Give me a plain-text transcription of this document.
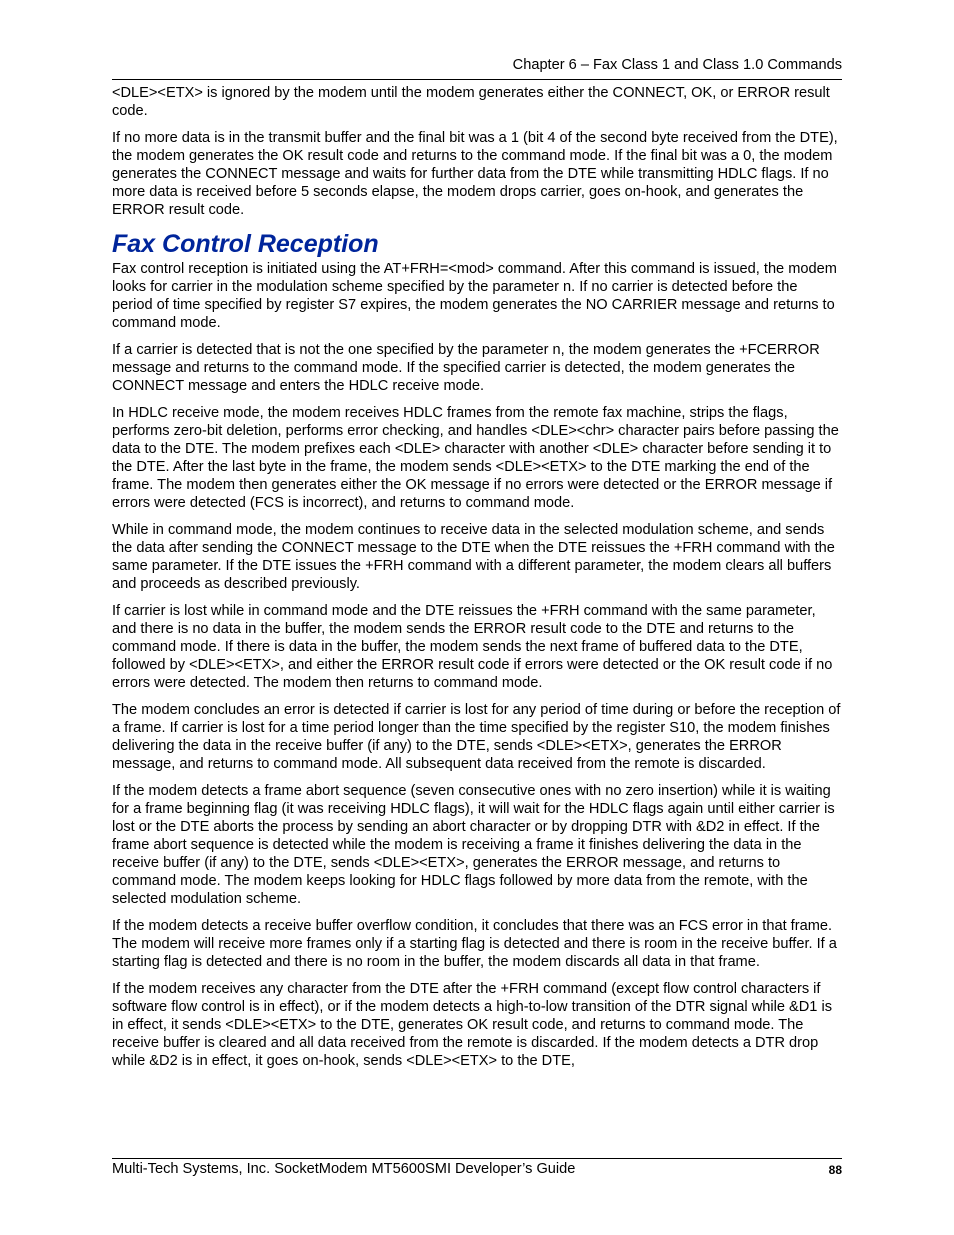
Chapter 6 – Fax Class 1 and Class 1.0 Commands

<DLE><ETX> is ignored by the modem until the modem generates either the CONNECT, OK, or ERROR result code.

If no more data is in the transmit buffer and the final bit was a 1 (bit 4 of the second byte received from the DTE), the modem generates the OK result code and returns to the command mode. If the final bit was a 0, the modem generates the CONNECT message and waits for further data from the DTE while transmitting HDLC flags. If no more data is received before 5 seconds elapse, the modem drops carrier, goes on-hook, and generates the ERROR result code.

Fax Control Reception

Fax control reception is initiated using the AT+FRH=<mod> command. After this command is issued, the modem looks for carrier in the modulation scheme specified by the parameter n. If no carrier is detected before the period of time specified by register S7 expires, the modem generates the NO CARRIER message and returns to command mode.

If a carrier is detected that is not the one specified by the parameter n, the modem generates the +FCERROR message and returns to the command mode. If the specified carrier is detected, the modem generates the CONNECT message and enters the HDLC receive mode.

In HDLC receive mode, the modem receives HDLC frames from the remote fax machine, strips the flags, performs zero-bit deletion, performs error checking, and handles <DLE><chr> character pairs before passing the data to the DTE. The modem prefixes each <DLE> character with another <DLE> character before sending it to the DTE. After the last byte in the frame, the modem sends <DLE><ETX> to the DTE marking the end of the frame. The modem then generates either the OK message if no errors were detected or the ERROR message if errors were detected (FCS is incorrect), and returns to command mode.

While in command mode, the modem continues to receive data in the selected modulation scheme, and sends the data after sending the CONNECT message to the DTE when the DTE reissues the +FRH command with the same parameter. If the DTE issues the +FRH command with a different parameter, the modem clears all buffers and proceeds as described previously.

If carrier is lost while in command mode and the DTE reissues the +FRH command with the same parameter, and there is no data in the buffer, the modem sends the ERROR result code to the DTE and returns to the command mode. If there is data in the buffer, the modem sends the next frame of buffered data to the DTE, followed by <DLE><ETX>, and either the ERROR result code if errors were detected or the OK result code if no errors were detected. The modem then returns to command mode.

The modem concludes an error is detected if carrier is lost for any period of time during or before the reception of a frame. If carrier is lost for a time period longer than the time specified by the register S10, the modem finishes delivering the data in the receive buffer (if any) to the DTE, sends <DLE><ETX>, generates the ERROR message, and returns to command mode. All subsequent data received from the remote is discarded.

If the modem detects a frame abort sequence (seven consecutive ones with no zero insertion) while it is waiting for a frame beginning flag (it was receiving HDLC flags), it will wait for the HDLC flags again until either carrier is lost or the DTE aborts the process by sending an abort character or by dropping DTR with &D2 in effect. If the frame abort sequence is detected while the modem is receiving a frame it finishes delivering the data in the receive buffer (if any) to the DTE, sends <DLE><ETX>, generates the ERROR message, and returns to command mode. The modem keeps looking for HDLC flags followed by more data from the remote, with the selected modulation scheme.

If the modem detects a receive buffer overflow condition, it concludes that there was an FCS error in that frame. The modem will receive more frames only if a starting flag is detected and there is room in the receive buffer. If a starting flag is detected and there is no room in the buffer, the modem discards all data in that frame.

If the modem receives any character from the DTE after the +FRH command (except flow control characters if software flow control is in effect), or if the modem detects a high-to-low transition of the DTR signal while &D1 is in effect, it sends <DLE><ETX> to the DTE, generates OK result code, and returns to command mode. The receive buffer is cleared and all data received from the remote is discarded. If the modem detects a DTR drop while &D2 is in effect, it goes on-hook, sends <DLE><ETX> to the DTE,

Multi-Tech Systems, Inc. SocketModem MT5600SMI Developer’s Guide	88
